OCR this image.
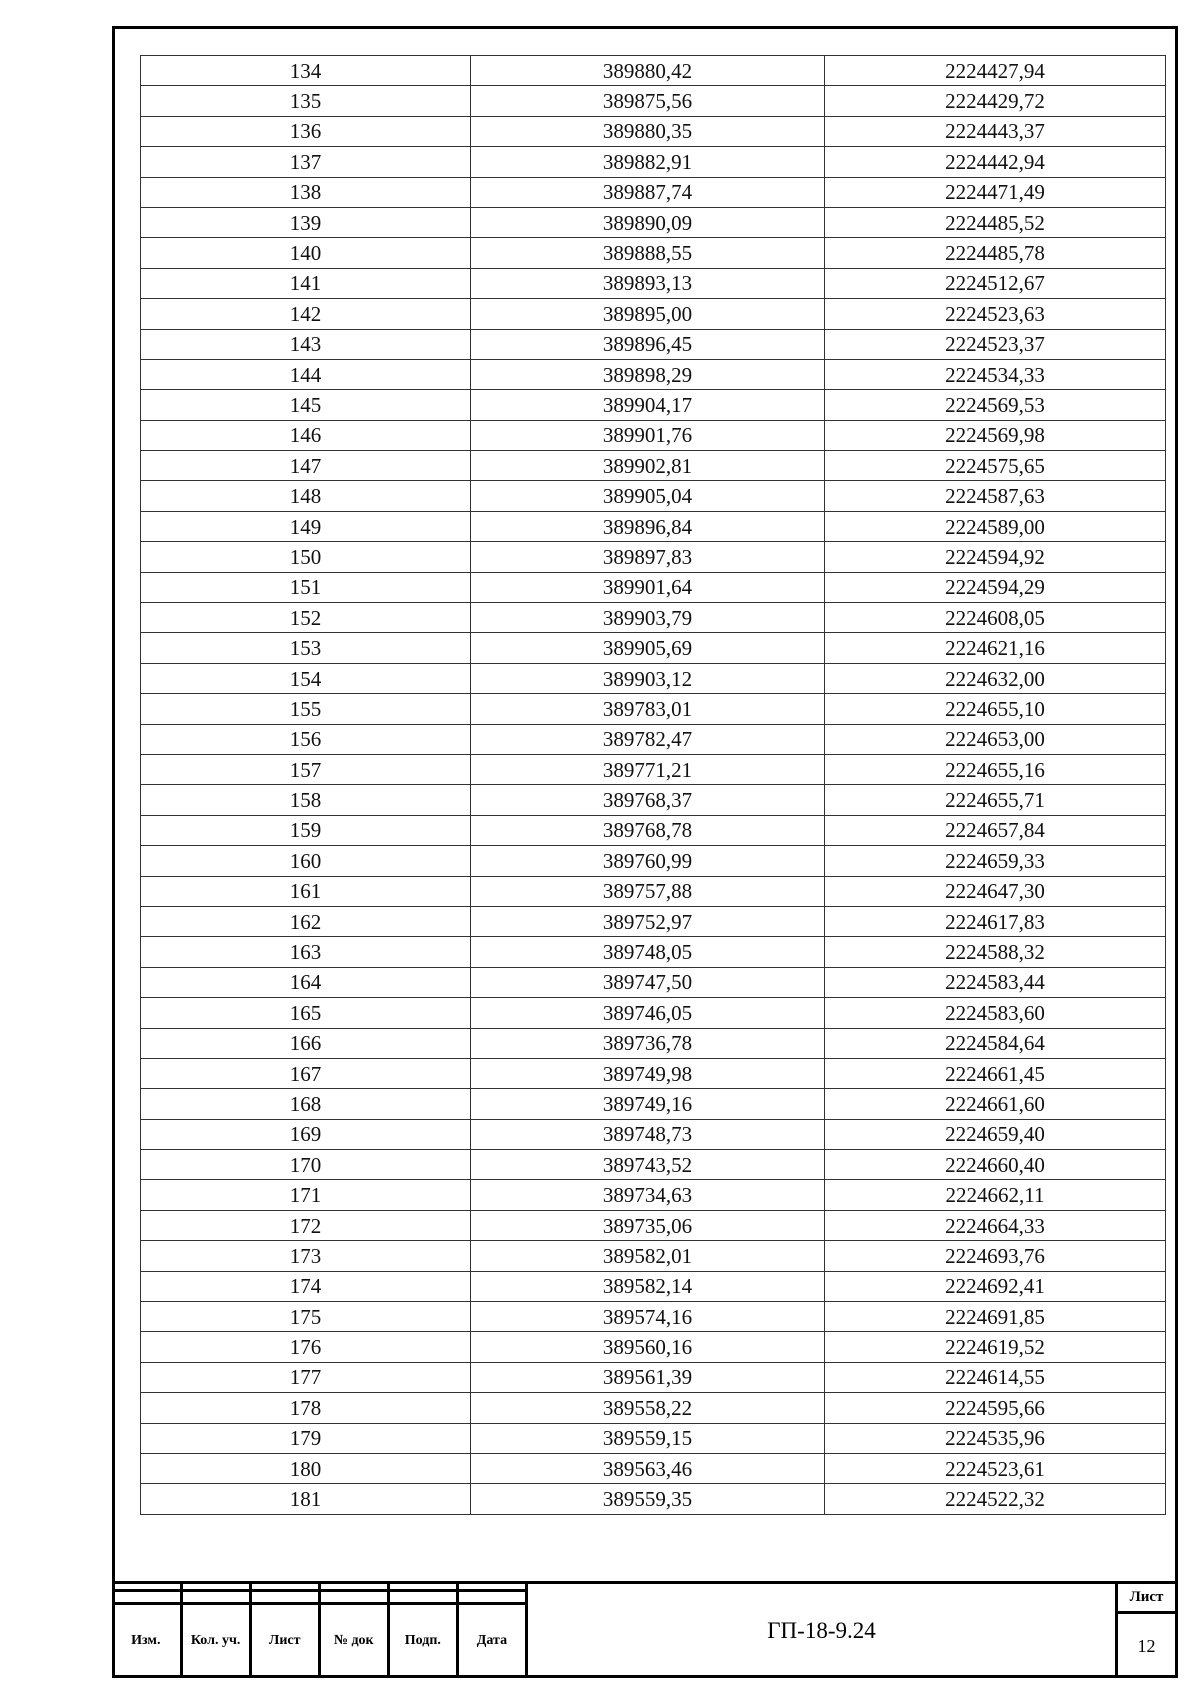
134	389880,42	2224427,94
135	389875,56	2224429,72
136	389880,35	2224443,37
137	389882,91	2224442,94
138	389887,74	2224471,49
139	389890,09	2224485,52
140	389888,55	2224485,78
141	389893,13	2224512,67
142	389895,00	2224523,63
143	389896,45	2224523,37
144	389898,29	2224534,33
145	389904,17	2224569,53
146	389901,76	2224569,98
147	389902,81	2224575,65
148	389905,04	2224587,63
149	389896,84	2224589,00
150	389897,83	2224594,92
151	389901,64	2224594,29
152	389903,79	2224608,05
153	389905,69	2224621,16
154	389903,12	2224632,00
155	389783,01	2224655,10
156	389782,47	2224653,00
157	389771,21	2224655,16
158	389768,37	2224655,71
159	389768,78	2224657,84
160	389760,99	2224659,33
161	389757,88	2224647,30
162	389752,97	2224617,83
163	389748,05	2224588,32
164	389747,50	2224583,44
165	389746,05	2224583,60
166	389736,78	2224584,64
167	389749,98	2224661,45
168	389749,16	2224661,60
169	389748,73	2224659,40
170	389743,52	2224660,40
171	389734,63	2224662,11
172	389735,06	2224664,33
173	389582,01	2224693,76
174	389582,14	2224692,41
175	389574,16	2224691,85
176	389560,16	2224619,52
177	389561,39	2224614,55
178	389558,22	2224595,66
179	389559,15	2224535,96
180	389563,46	2224523,61
181	389559,35	2224522,32

Изм.	Кол. уч.	Лист	№ док	Подп.	Дата	ГП-18-9.24
Лист
12
